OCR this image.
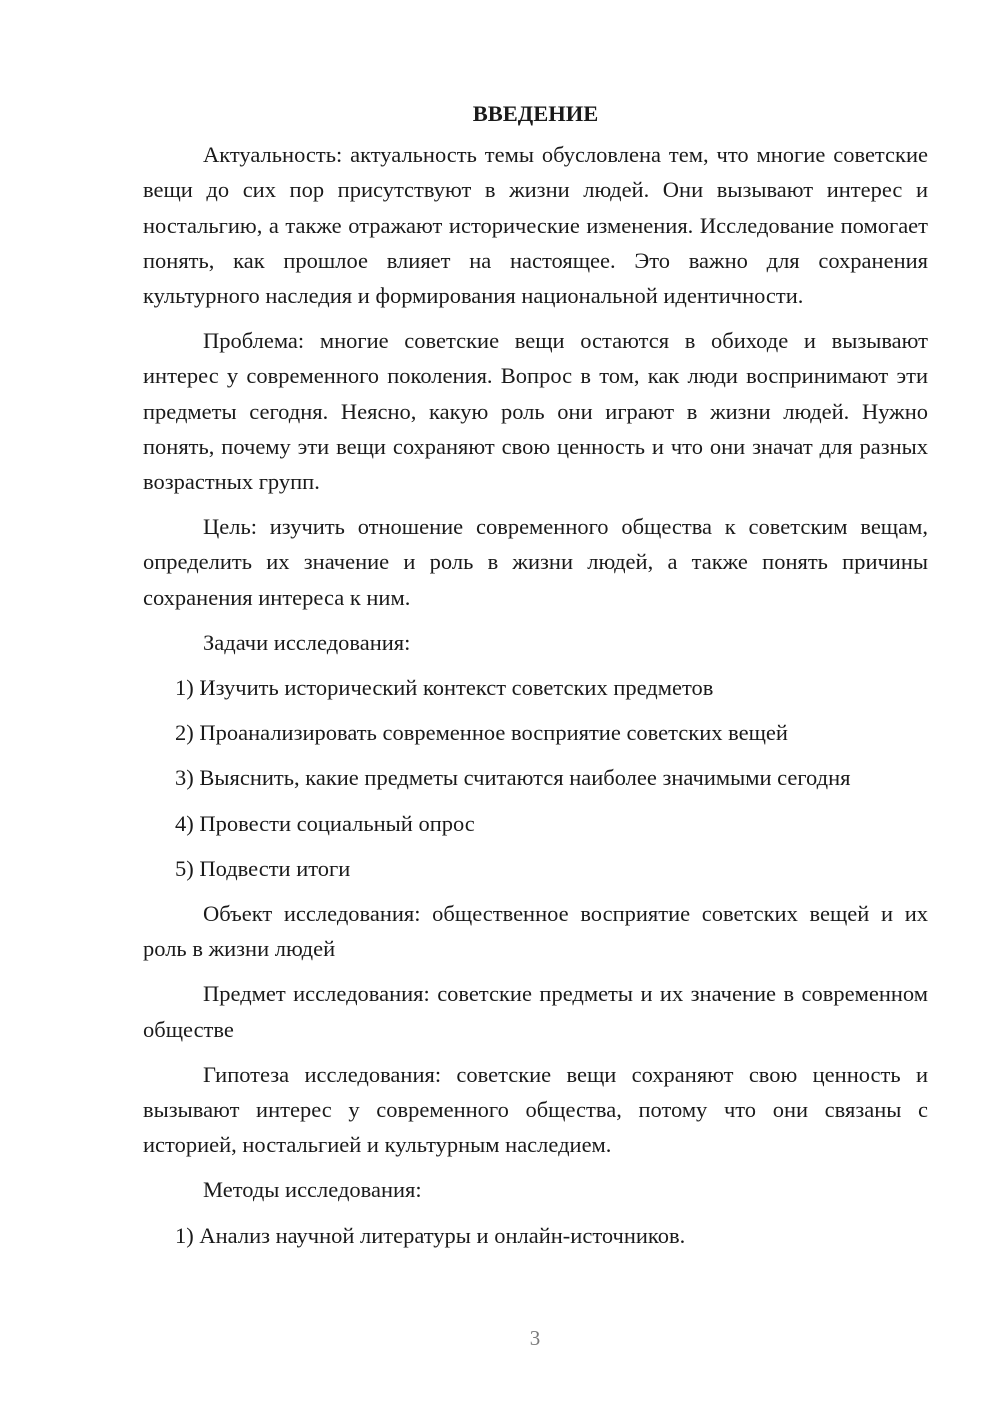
ВВЕДЕНИЕ

Актуальность: актуальность темы обусловлена тем, что многие советские вещи до сих пор присутствуют в жизни людей. Они вызывают интерес и ностальгию, а также отражают исторические изменения. Исследование помогает понять, как прошлое влияет на настоящее. Это важно для сохранения культурного наследия и формирования национальной идентичности.

Проблема: многие советские вещи остаются в обиходе и вызывают интерес у современного поколения. Вопрос в том, как люди воспринимают эти предметы сегодня. Неясно, какую роль они играют в жизни людей. Нужно понять, почему эти вещи сохраняют свою ценность и что они значат для разных возрастных групп.

Цель: изучить отношение современного общества к советским вещам, определить их значение и роль в жизни людей, а также понять причины сохранения интереса к ним.

Задачи исследования:

1) Изучить исторический контекст советских предметов

2) Проанализировать современное восприятие советских вещей

3) Выяснить, какие предметы считаются наиболее значимыми сегодня

4) Провести социальный опрос

5) Подвести итоги

Объект исследования: общественное восприятие советских вещей и их роль в жизни людей

Предмет исследования: советские предметы и их значение в современном обществе

Гипотеза исследования: советские вещи сохраняют свою ценность и вызывают интерес у современного общества, потому что они связаны с историей, ностальгией и культурным наследием.

Методы исследования:

1) Анализ научной литературы и онлайн-источников.

3
